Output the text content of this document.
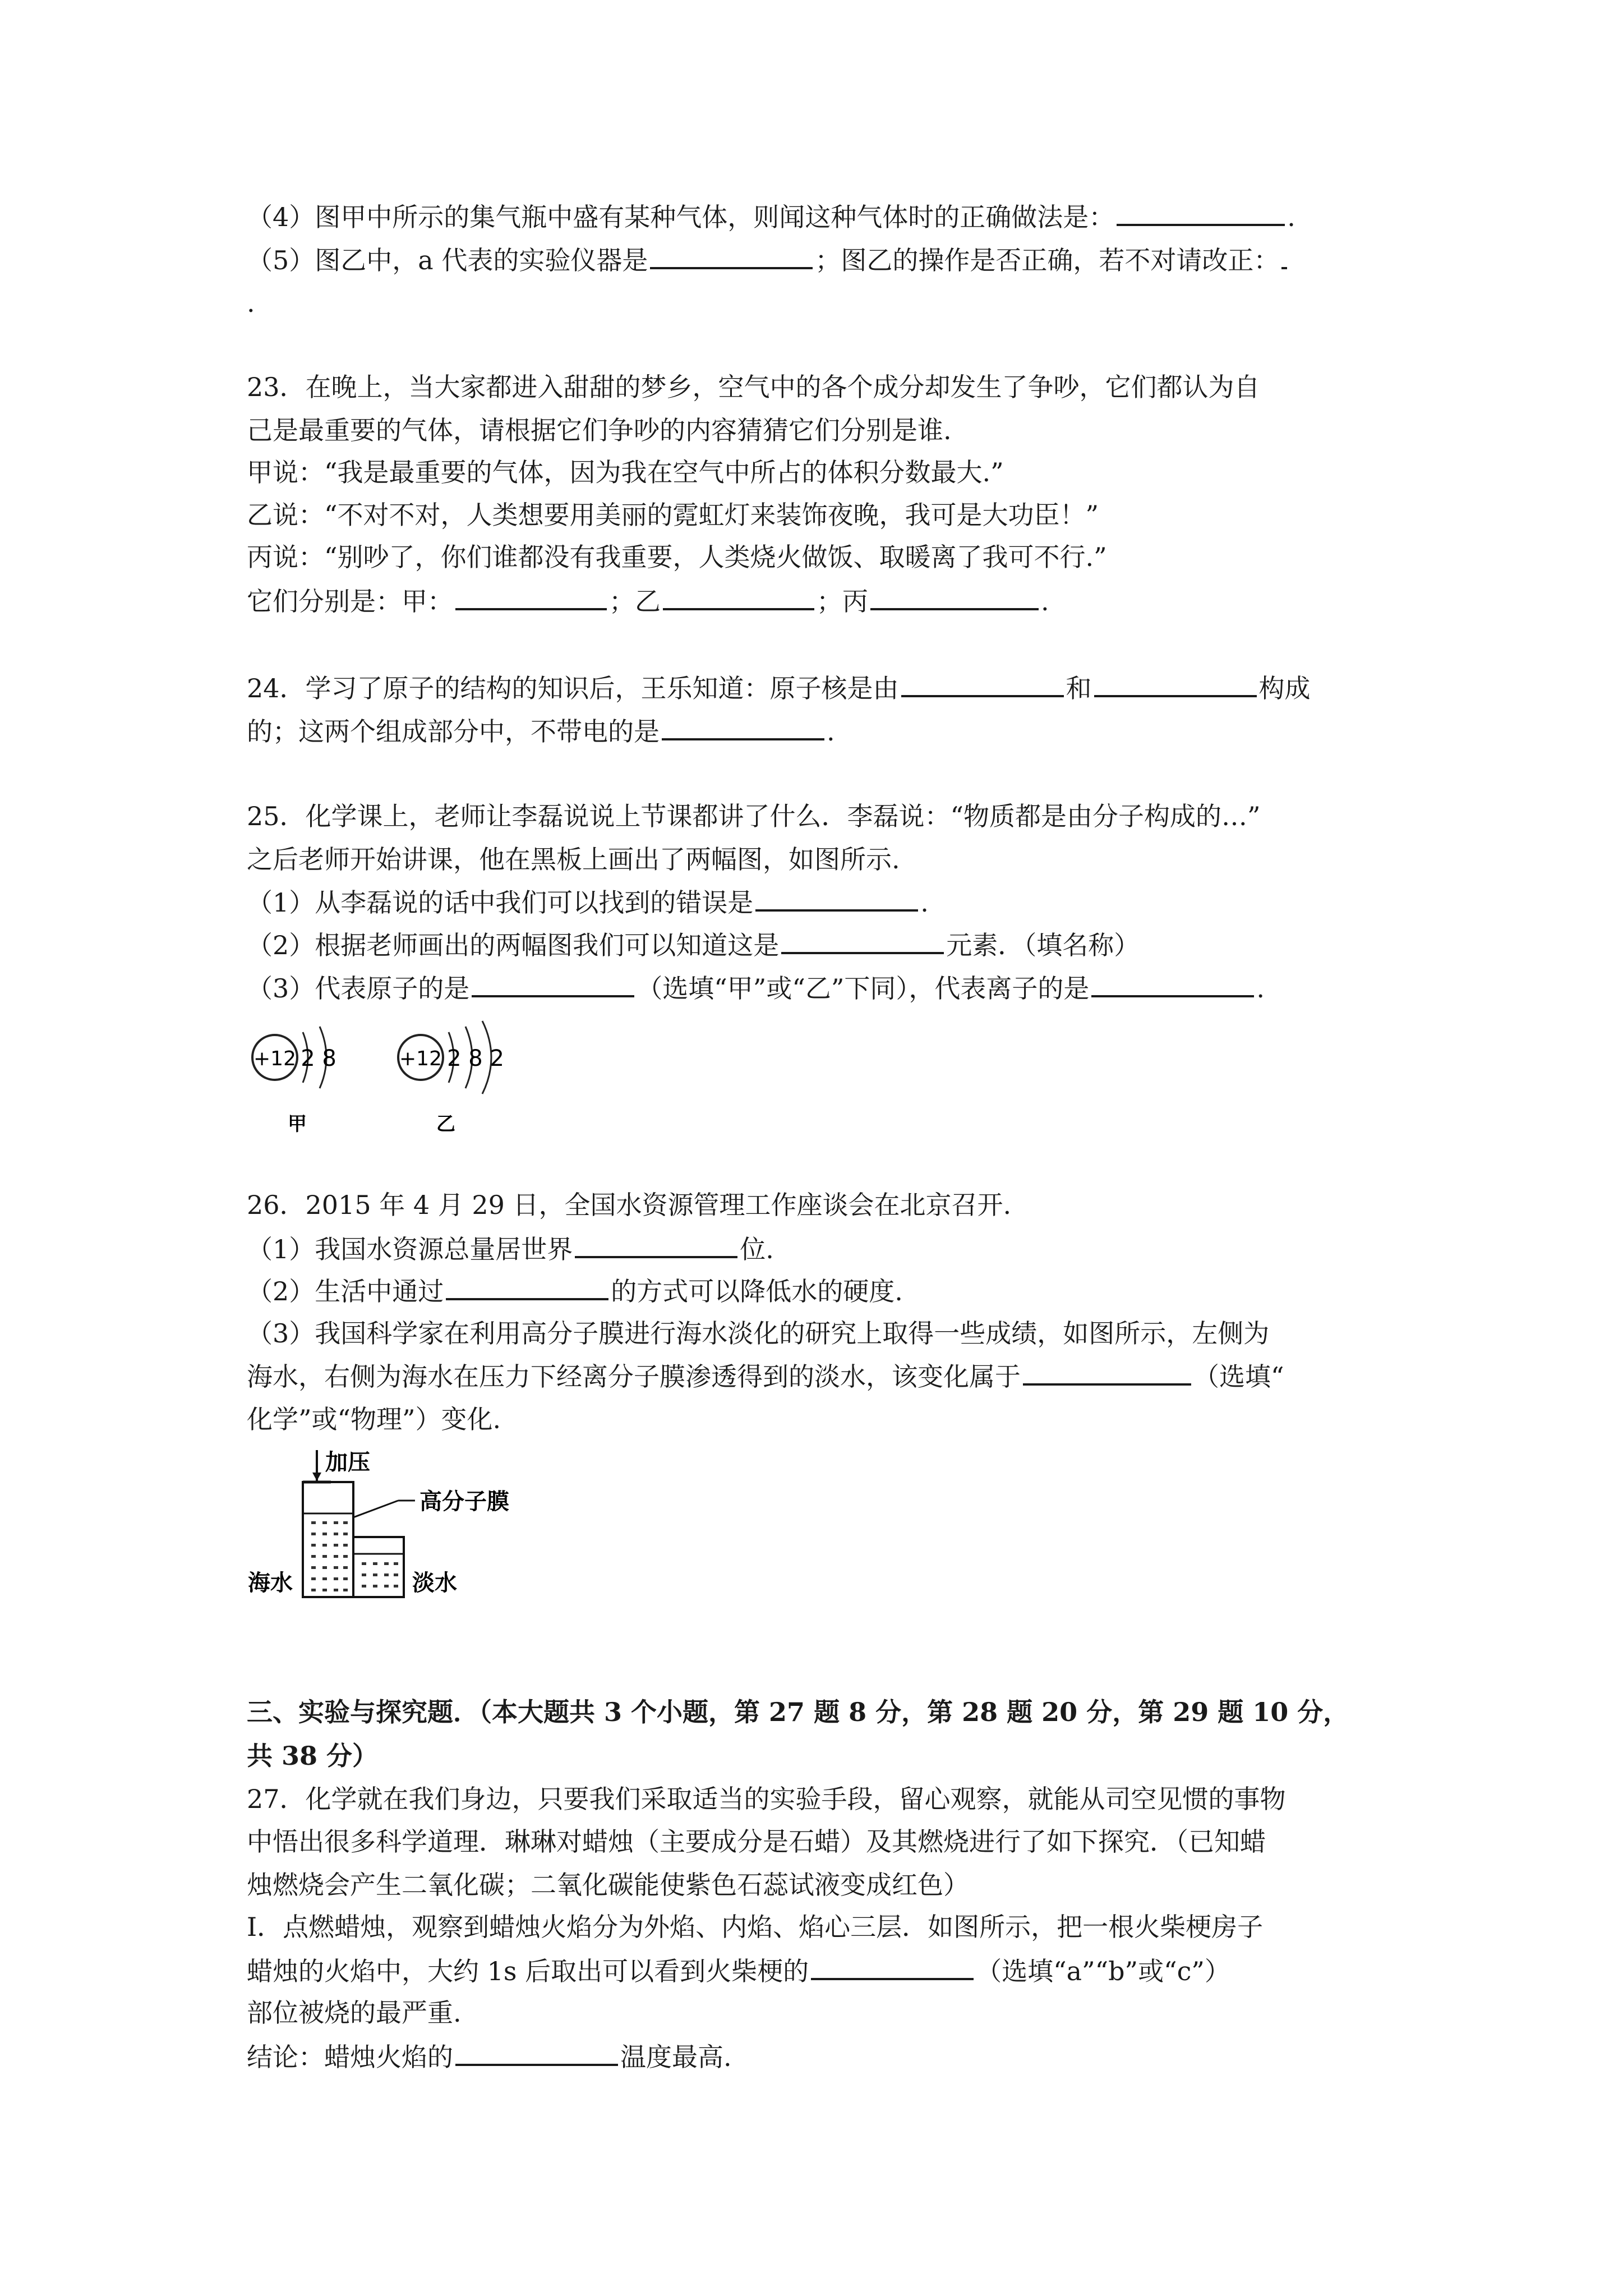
（4）图甲中所示的集气瓶中盛有某种气体，则闻这种气体时的正确做法是：	.
（5）图乙中，a 代表的实验仪器是	；图乙的操作是否正确，若不对请改正：
.
23．在晚上，当大家都进入甜甜的梦乡，空气中的各个成分却发生了争吵，它们都认为自
己是最重要的气体，请根据它们争吵的内容猜猜它们分别是谁.
甲说：“我是最重要的气体，因为我在空气中所占的体积分数最大.”
乙说：“不对不对，人类想要用美丽的霓虹灯来装饰夜晚，我可是大功臣！”
丙说：“别吵了，你们谁都没有我重要，人类烧火做饭、取暖离了我可不行.”
它们分别是：甲：	；乙	；丙	.
24．学习了原子的结构的知识后，王乐知道：原子核是由	和	构成
的；这两个组成部分中，不带电的是	.
25．化学课上，老师让李磊说说上节课都讲了什么．李磊说：“物质都是由分子构成的…”
之后老师开始讲课，他在黑板上画出了两幅图，如图所示.
（1）从李磊说的话中我们可以找到的错误是	.
（2）根据老师画出的两幅图我们可以知道这是	元素．（填名称）
（3）代表原子的是	（选填“甲”或“乙”下同），代表离子的是	.
+12 2 8
甲
+12 2 8 2
乙
26．2015 年 4 月 29 日，全国水资源管理工作座谈会在北京召开.
（1）我国水资源总量居世界	位.
（2）生活中通过	的方式可以降低水的硬度.
（3）我国科学家在利用高分子膜进行海水淡化的研究上取得一些成绩，如图所示，左侧为
海水，右侧为海水在压力下经离分子膜渗透得到的淡水，该变化属于	（选填“
化学”或“物理”）变化.
加压
高分子膜
海水	淡水
三、实验与探究题．（本大题共 3 个小题，第 27 题 8 分，第 28 题 20 分，第 29 题 10 分，
共 38 分）
27．化学就在我们身边，只要我们采取适当的实验手段，留心观察，就能从司空见惯的事物
中悟出很多科学道理．琳琳对蜡烛（主要成分是石蜡）及其燃烧进行了如下探究．（已知蜡
烛燃烧会产生二氧化碳；二氧化碳能使紫色石蕊试液变成红色）
Ⅰ．点燃蜡烛，观察到蜡烛火焰分为外焰、内焰、焰心三层．如图所示，把一根火柴梗房子
蜡烛的火焰中，大约 1s 后取出可以看到火柴梗的	（选填“a”“b”或“c”）
部位被烧的最严重.
结论：蜡烛火焰的	温度最高.
